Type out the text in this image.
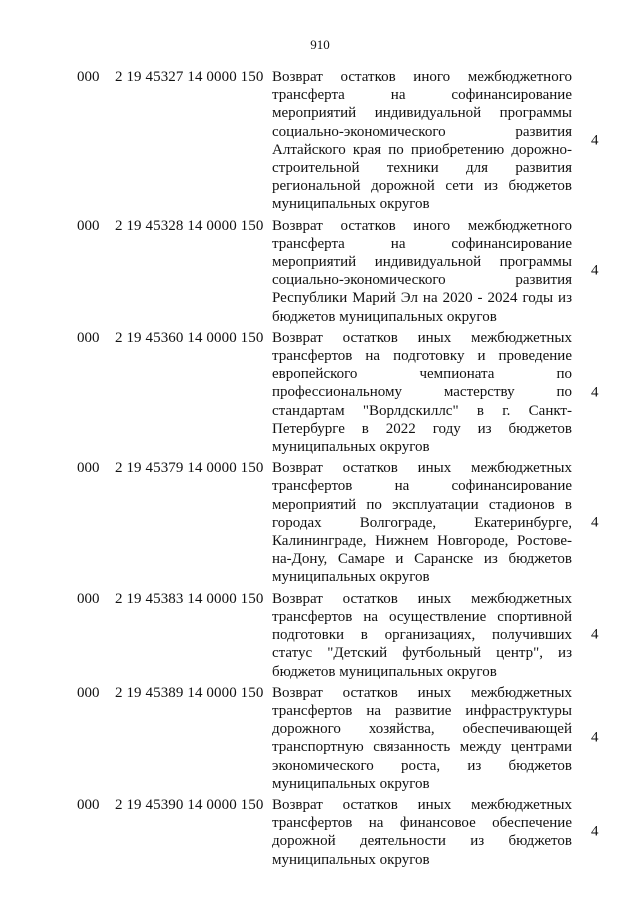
910
000 2 19 45327 14 0000 150 Возврат остатков иного межбюджетного трансферта на софинансирование мероприятий индивидуальной программы социально-экономического развития Алтайского края по приобретению дорожно-строительной техники для развития региональной дорожной сети из бюджетов муниципальных округов
4
000 2 19 45328 14 0000 150 Возврат остатков иного межбюджетного трансферта на софинансирование мероприятий индивидуальной программы социально-экономического развития Республики Марий Эл на 2020 - 2024 годы из бюджетов муниципальных округов
4
000 2 19 45360 14 0000 150 Возврат остатков иных межбюджетных трансфертов на подготовку и проведение европейского чемпионата по профессиональному мастерству по стандартам "Ворлдскиллс" в г. Санкт-Петербурге в 2022 году из бюджетов муниципальных округов
4
000 2 19 45379 14 0000 150 Возврат остатков иных межбюджетных трансфертов на софинансирование мероприятий по эксплуатации стадионов в городах Волгограде, Екатеринбурге, Калининграде, Нижнем Новгороде, Ростове-на-Дону, Самаре и Саранске из бюджетов муниципальных округов
4
000 2 19 45383 14 0000 150 Возврат остатков иных межбюджетных трансфертов на осуществление спортивной подготовки в организациях, получивших статус "Детский футбольный центр", из бюджетов муниципальных округов
4
000 2 19 45389 14 0000 150 Возврат остатков иных межбюджетных трансфертов на развитие инфраструктуры дорожного хозяйства, обеспечивающей транспортную связанность между центрами экономического роста, из бюджетов муниципальных округов
4
000 2 19 45390 14 0000 150 Возврат остатков иных межбюджетных трансфертов на финансовое обеспечение дорожной деятельности из бюджетов муниципальных округов
4
